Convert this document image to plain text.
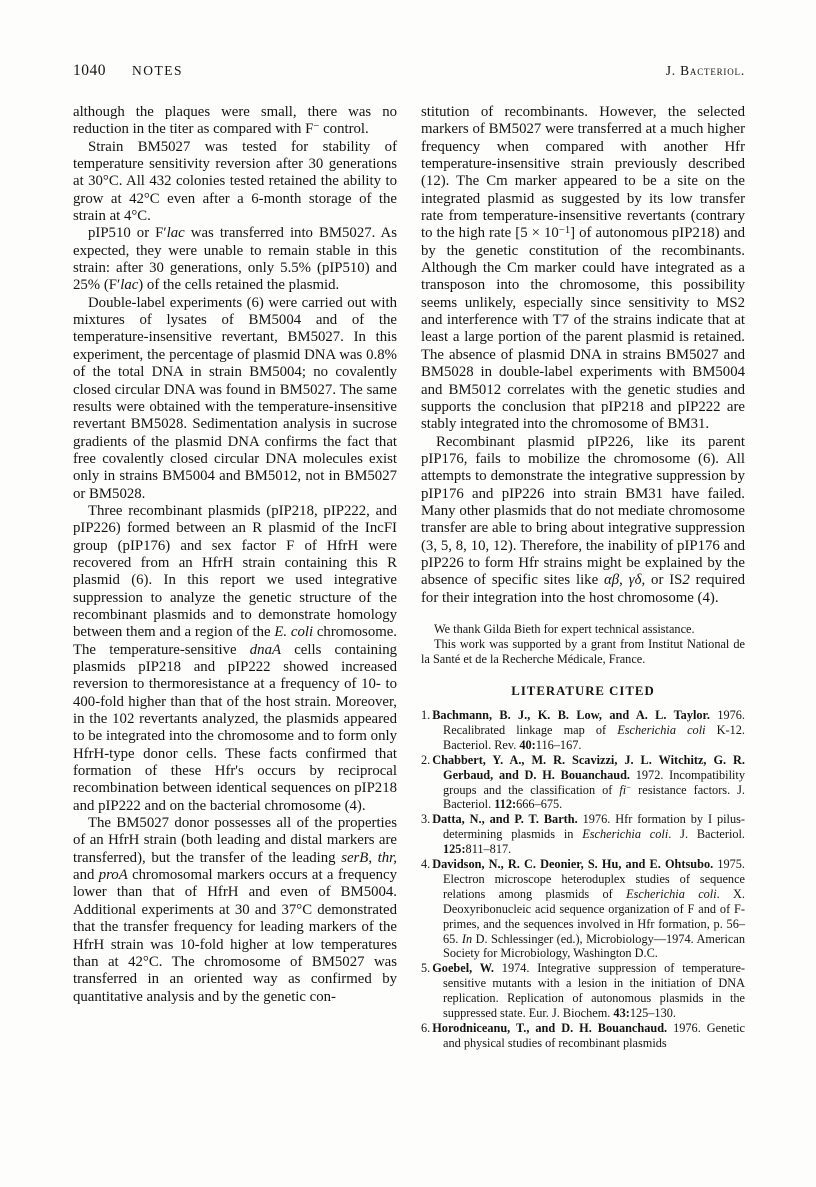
1040 NOTES	J. Bacteriol.

although the plaques were small, there was no reduction in the titer as compared with F− control.

Strain BM5027 was tested for stability of temperature sensitivity reversion after 30 generations at 30°C. All 432 colonies tested retained the ability to grow at 42°C even after a 6-month storage of the strain at 4°C.

pIP510 or F′lac was transferred into BM5027. As expected, they were unable to remain stable in this strain: after 30 generations, only 5.5% (pIP510) and 25% (F′lac) of the cells retained the plasmid.

Double-label experiments (6) were carried out with mixtures of lysates of BM5004 and of the temperature-insensitive revertant, BM5027. In this experiment, the percentage of plasmid DNA was 0.8% of the total DNA in strain BM5004; no covalently closed circular DNA was found in BM5027. The same results were obtained with the temperature-insensitive revertant BM5028. Sedimentation analysis in sucrose gradients of the plasmid DNA confirms the fact that free covalently closed circular DNA molecules exist only in strains BM5004 and BM5012, not in BM5027 or BM5028.

Three recombinant plasmids (pIP218, pIP222, and pIP226) formed between an R plasmid of the IncFI group (pIP176) and sex factor F of HfrH were recovered from an HfrH strain containing this R plasmid (6). In this report we used integrative suppression to analyze the genetic structure of the recombinant plasmids and to demonstrate homology between them and a region of the E. coli chromosome. The temperature-sensitive dnaA cells containing plasmids pIP218 and pIP222 showed increased reversion to thermoresistance at a frequency of 10- to 400-fold higher than that of the host strain. Moreover, in the 102 revertants analyzed, the plasmids appeared to be integrated into the chromosome and to form only HfrH-type donor cells. These facts confirmed that formation of these Hfr's occurs by reciprocal recombination between identical sequences on pIP218 and pIP222 and on the bacterial chromosome (4).

The BM5027 donor possesses all of the properties of an HfrH strain (both leading and distal markers are transferred), but the transfer of the leading serB, thr, and proA chromosomal markers occurs at a frequency lower than that of HfrH and even of BM5004. Additional experiments at 30 and 37°C demonstrated that the transfer frequency for leading markers of the HfrH strain was 10-fold higher at low temperatures than at 42°C. The chromosome of BM5027 was transferred in an oriented way as confirmed by quantitative analysis and by the genetic con-

stitution of recombinants. However, the selected markers of BM5027 were transferred at a much higher frequency when compared with another Hfr temperature-insensitive strain previously described (12). The Cm marker appeared to be a site on the integrated plasmid as suggested by its low transfer rate from temperature-insensitive revertants (contrary to the high rate $[5 \times 10^{-1}]$ of autonomous pIP218) and by the genetic constitution of the recombinants. Although the Cm marker could have integrated as a transposon into the chromosome, this possibility seems unlikely, especially since sensitivity to MS2 and interference with T7 of the strains indicate that at least a large portion of the parent plasmid is retained. The absence of plasmid DNA in strains BM5027 and BM5028 in double-label experiments with BM5004 and BM5012 correlates with the genetic studies and supports the conclusion that pIP218 and pIP222 are stably integrated into the chromosome of BM31.

Recombinant plasmid pIP226, like its parent pIP176, fails to mobilize the chromosome (6). All attempts to demonstrate the integrative suppression by pIP176 and pIP226 into strain BM31 have failed. Many other plasmids that do not mediate chromosome transfer are able to bring about integrative suppression (3, 5, 8, 10, 12). Therefore, the inability of pIP176 and pIP226 to form Hfr strains might be explained by the absence of specific sites like αβ, γδ, or IS2 required for their integration into the host chromosome (4).

We thank Gilda Bieth for expert technical assistance.

This work was supported by a grant from Institut National de la Santé et de la Recherche Médicale, France.

LITERATURE CITED

1. Bachmann, B. J., K. B. Low, and A. L. Taylor. 1976. Recalibrated linkage map of Escherichia coli K-12. Bacteriol. Rev. 40:116–167.

2. Chabbert, Y. A., M. R. Scavizzi, J. L. Witchitz, G. R. Gerbaud, and D. H. Bouanchaud. 1972. Incompatibility groups and the classification of fi− resistance factors. J. Bacteriol. 112:666–675.

3. Datta, N., and P. T. Barth. 1976. Hfr formation by I pilus-determining plasmids in Escherichia coli. J. Bacteriol. 125:811–817.

4. Davidson, N., R. C. Deonier, S. Hu, and E. Ohtsubo. 1975. Electron microscope heteroduplex studies of sequence relations among plasmids of Escherichia coli. X. Deoxyribonucleic acid sequence organization of F and of F-primes, and the sequences involved in Hfr formation, p. 56–65. In D. Schlessinger (ed.), Microbiology—1974. American Society for Microbiology, Washington D.C.

5. Goebel, W. 1974. Integrative suppression of temperature-sensitive mutants with a lesion in the initiation of DNA replication. Replication of autonomous plasmids in the suppressed state. Eur. J. Biochem. 43:125–130.

6. Horodniceanu, T., and D. H. Bouanchaud. 1976. Genetic and physical studies of recombinant plasmids
